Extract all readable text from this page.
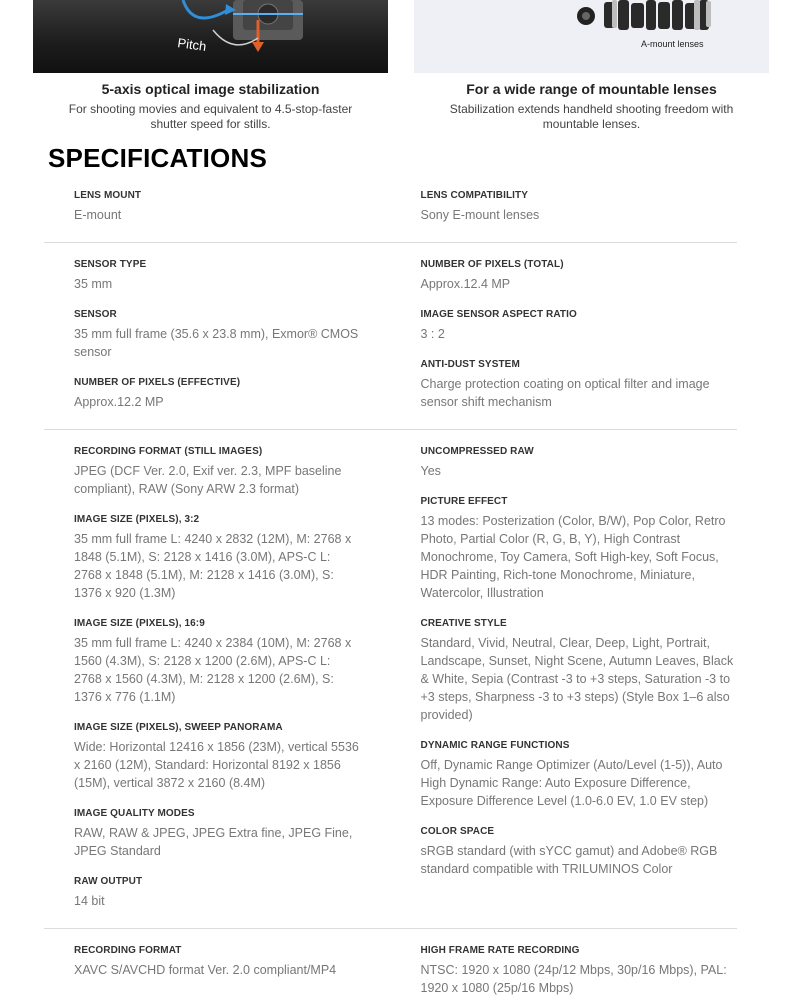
Pitch
5-axis optical image stabilization
For shooting movies and equivalent to 4.5-stop-faster shutter speed for stills.
A-mount lenses
For a wide range of mountable lenses
Stabilization extends handheld shooting freedom with mountable lenses.
SPECIFICATIONS
LENS MOUNT
E-mount
LENS COMPATIBILITY
Sony E-mount lenses
SENSOR TYPE
35 mm
SENSOR
35 mm full frame (35.6 x 23.8 mm), Exmor® CMOS sensor
NUMBER OF PIXELS (EFFECTIVE)
Approx.12.2 MP
NUMBER OF PIXELS (TOTAL)
Approx.12.4 MP
IMAGE SENSOR ASPECT RATIO
3 : 2
ANTI-DUST SYSTEM
Charge protection coating on optical filter and image sensor shift mechanism
RECORDING FORMAT (STILL IMAGES)
JPEG (DCF Ver. 2.0, Exif ver. 2.3, MPF baseline compliant), RAW (Sony ARW 2.3 format)
IMAGE SIZE (PIXELS), 3:2
35 mm full frame L: 4240 x 2832 (12M), M: 2768 x 1848 (5.1M), S: 2128 x 1416 (3.0M), APS-C L: 2768 x 1848 (5.1M), M: 2128 x 1416 (3.0M), S: 1376 x 920 (1.3M)
IMAGE SIZE (PIXELS), 16:9
35 mm full frame L: 4240 x 2384 (10M), M: 2768 x 1560 (4.3M), S: 2128 x 1200 (2.6M), APS-C L: 2768 x 1560 (4.3M), M: 2128 x 1200 (2.6M), S: 1376 x 776 (1.1M)
IMAGE SIZE (PIXELS), SWEEP PANORAMA
Wide: Horizontal 12416 x 1856 (23M), vertical 5536 x 2160 (12M), Standard: Horizontal 8192 x 1856 (15M), vertical 3872 x 2160 (8.4M)
IMAGE QUALITY MODES
RAW, RAW & JPEG, JPEG Extra fine, JPEG Fine, JPEG Standard
RAW OUTPUT
14 bit
UNCOMPRESSED RAW
Yes
PICTURE EFFECT
13 modes: Posterization (Color, B/W), Pop Color, Retro Photo, Partial Color (R, G, B, Y), High Contrast Monochrome, Toy Camera, Soft High-key, Soft Focus, HDR Painting, Rich-tone Monochrome, Miniature, Watercolor, Illustration
CREATIVE STYLE
Standard, Vivid, Neutral, Clear, Deep, Light, Portrait, Landscape, Sunset, Night Scene, Autumn Leaves, Black & White, Sepia (Contrast -3 to +3 steps, Saturation -3 to +3 steps, Sharpness -3 to +3 steps) (Style Box 1–6 also provided)
DYNAMIC RANGE FUNCTIONS
Off, Dynamic Range Optimizer (Auto/Level (1-5)), Auto High Dynamic Range: Auto Exposure Difference, Exposure Difference Level (1.0-6.0 EV, 1.0 EV step)
COLOR SPACE
sRGB standard (with sYCC gamut) and Adobe® RGB standard compatible with TRILUMINOS Color
RECORDING FORMAT
XAVC S/AVCHD format Ver. 2.0 compliant/MP4
HIGH FRAME RATE RECORDING
NTSC: 1920 x 1080 (24p/12 Mbps, 30p/16 Mbps), PAL: 1920 x 1080 (25p/16 Mbps)
